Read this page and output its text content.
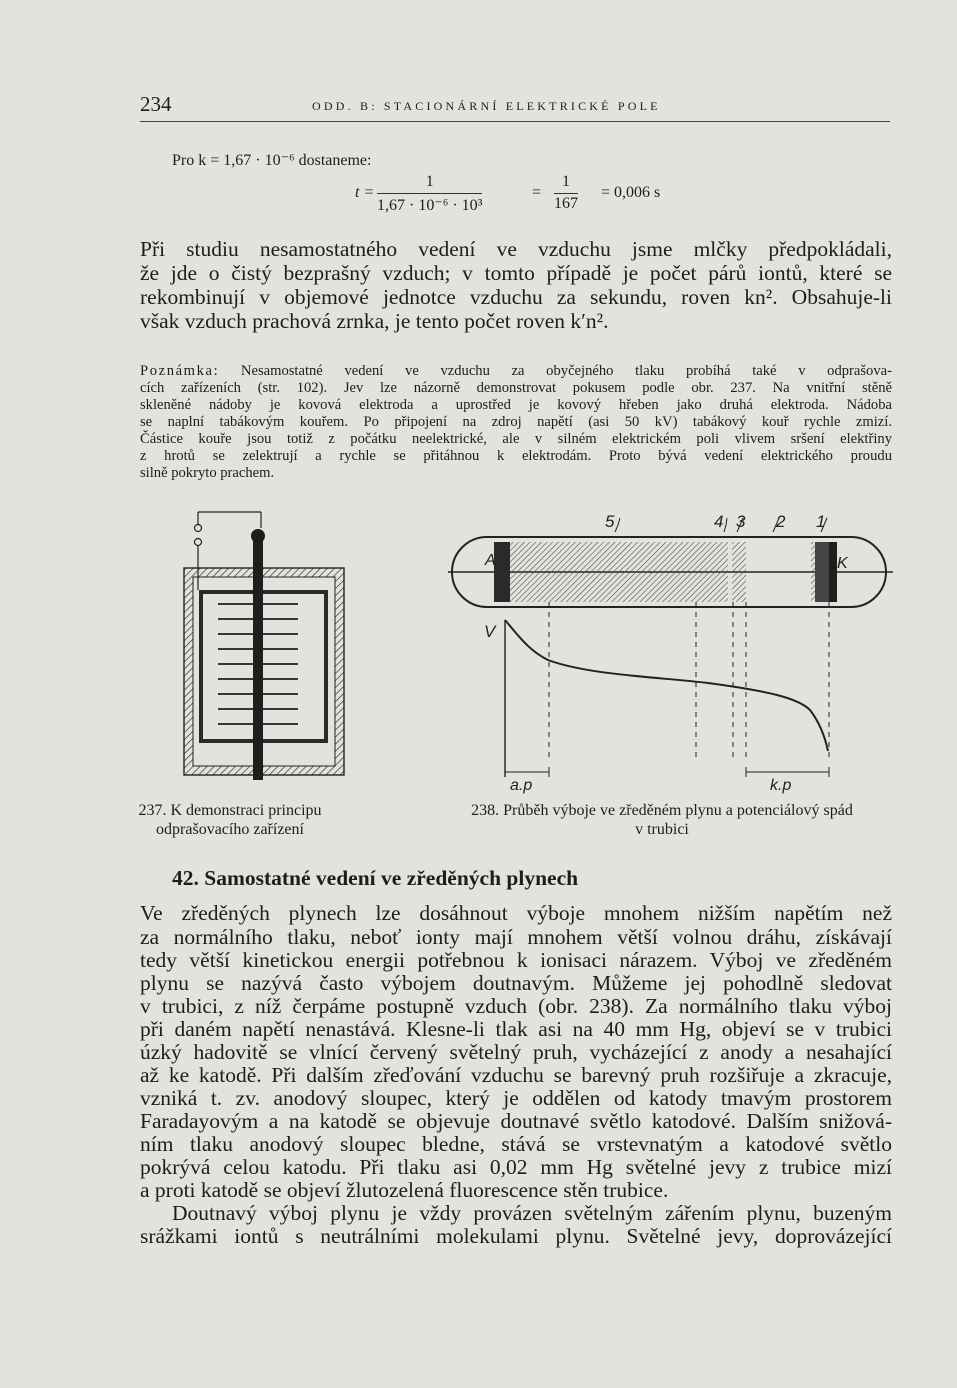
234	ODD. B: STACIONÁRNÍ ELEKTRICKÉ POLE
Pro k = 1,67 · 10⁻⁶ dostaneme:
$t = \frac{1}{\text{1,67 · 10⁻⁶ · 10³}}$	= $\frac{1}{167} = 0,006$ s
Při studiu nesamostatného vedení ve vzduchu jsme mlčky předpokládali,
že jde o čistý bezprašný vzduch; v tomto případě je počet párů iontů, které se
rekombinují v objemové jednotce vzduchu za sekundu, roven kn². Obsahuje-li
však vzduch prachová zrnka, je tento počet roven k′n².
Poznámka: Nesamostatné vedení ve vzduchu za obyčejného tlaku probíhá také v odprašova-
cích zařízeních (str. 102). Jev lze názorně demonstrovat pokusem podle obr. 237. Na vnitřní stěně
skleněné nádoby je kovová elektroda a uprostřed je kovový hřeben jako druhá elektroda. Nádoba
se naplní tabákovým kouřem. Po připojení na zdroj napětí (asi 50 kV) tabákový kouř rychle zmizí.
Částice kouře jsou totiž z počátku neelektrické, ale v silném elektrickém poli vlivem sršení elektřiny
z hrotů se zelektrují a rychle se přitáhnou k elektrodám. Proto bývá vedení elektrického proudu
silně pokryto prachem.
5	4 3 2 1
A	K
V
a.p	k.p
237. K demonstraci principu
odprašovacího zařízení
238. Průběh výboje ve zředěném plynu a potenciálový spád
v trubici
42. Samostatné vedení ve zředěných plynech
Ve zředěných plynech lze dosáhnout výboje mnohem nižším napětím než
za normálního tlaku, neboť ionty mají mnohem větší volnou dráhu, získávají
tedy větší kinetickou energii potřebnou k ionisaci nárazem. Výboj ve zředěném
plynu se nazývá často výbojem doutnavým. Můžeme jej pohodlně sledovat
v trubici, z níž čerpáme postupně vzduch (obr. 238). Za normálního tlaku výboj
při daném napětí nenastává. Klesne-li tlak asi na 40 mm Hg, objeví se v trubici
úzký hadovitě se vlnící červený světelný pruh, vycházející z anody a nesahající
až ke katodě. Při dalším zřeďování vzduchu se barevný pruh rozšiřuje a zkracuje,
vzniká t. zv. anodový sloupec, který je oddělen od katody tmavým prostorem
Faradayovým a na katodě se objevuje doutnavé světlo katodové. Dalším snižová-
ním tlaku anodový sloupec bledne, stává se vrstevnatým a katodové světlo
pokrývá celou katodu. Při tlaku asi 0,02 mm Hg světelné jevy z trubice mizí
a proti katodě se objeví žlutozelená fluorescence stěn trubice.
Doutnavý výboj plynu je vždy provázen světelným zářením plynu, buzeným
srážkami iontů s neutrálními molekulami plynu. Světelné jevy, doprovázející
